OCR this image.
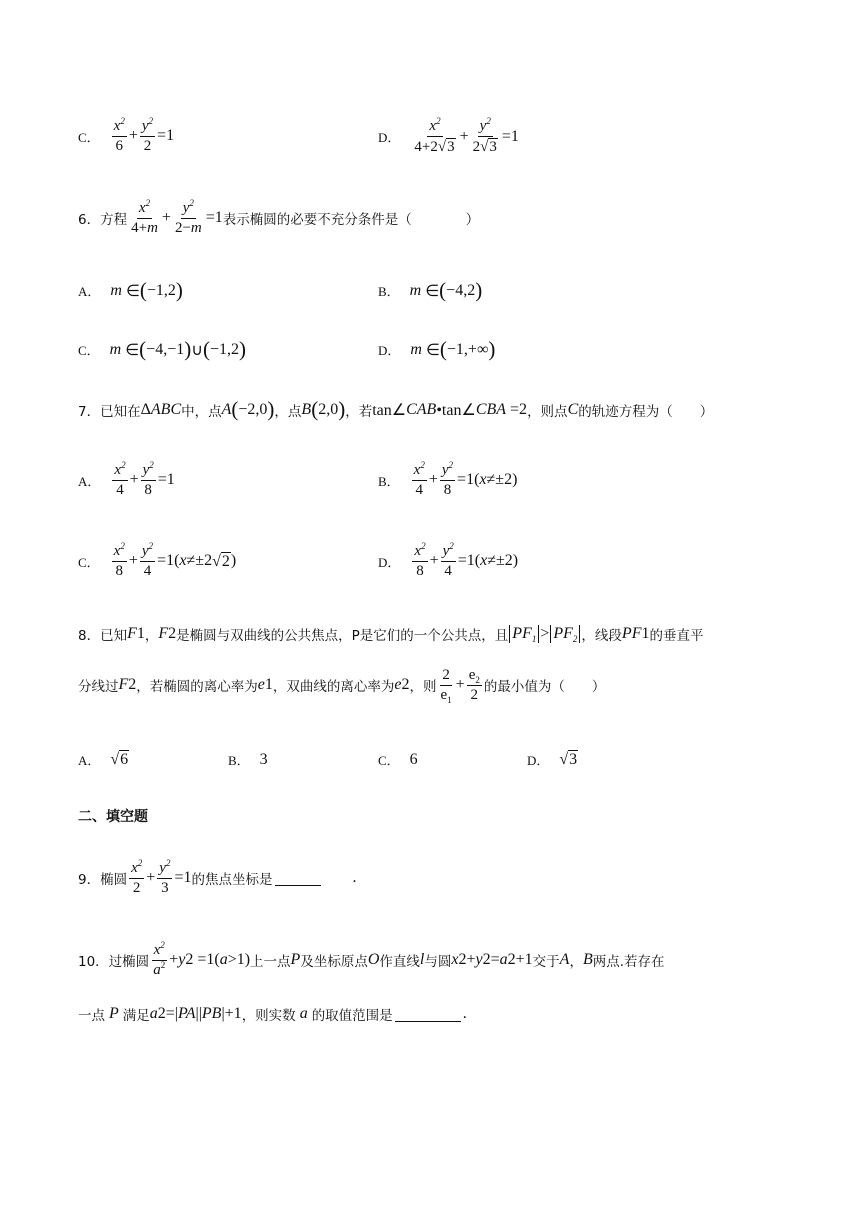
C． $\frac{x^2}{6} + \frac{y^2}{2} =1$	D． $\frac{x^2}{4+2 √ 3} + \frac{y^2}{2 √ 3} =1$
6． 方程 $\frac{x^2}{4+m} + \frac{y^2}{2-m} =1$ 表示椭圆的必要不充分条件是（　　　　）
A． m ∈ ( −1,2 )	B． m ∈ ( −4,2 )
C． m ∈ ( −4,−1 ) ∪ ( −1,2 )	D． m ∈ ( −1,+∞ )
7． 已知在 Δ ABC 中，点 A ( −2,0 ) ，点 B ( 2,0 ) ，若 tan∠ CAB •tan∠ CBA =2 ，则点 C 的轨迹方程为（　　）
A． $\frac{x^2}{4} + \frac{y^2}{8} =1$	B． $\frac{x^2}{4} + \frac{y^2}{8} =1$( x ≠±2)
C． $\frac{x^2}{8} + \frac{y^2}{4} =1$( x ≠±2 √ 2 )	D． $\frac{x^2}{8} + \frac{y^2}{4} =1$( x ≠±2)
8． 已知 F 1 ， F 2 是椭圆与双曲线的公共焦点，P是它们的一个公共点，且 $PF_1 > PF_2$ ，线段 PF 1 的垂直平
分线过 F 2 ，若椭圆的离心率为 e 1 ，双曲线的离心率为 e 2 ，则 $\frac{2}{e_1} + \frac{e_2}{2}$ 的最小值为（　　）
A． √ 6	B． 3	C． 6	D． √ 3
二、填空题
9． 椭圆 $\frac{x^2}{2} + \frac{y^2}{3} =1$ 的焦点坐标是	.
10． 过椭圆 $\frac{x^2}{a^2} + y$ 2 =1( a >1) 上一点 P 及坐标原点 O 作直线 l 与圆 x 2 + y 2 = a 2 +1 交于 A ， B 两点.若存在
一点 P 满足 a 2 =| PA || PB |+1 ，则实数 a 的取值范围是	.
